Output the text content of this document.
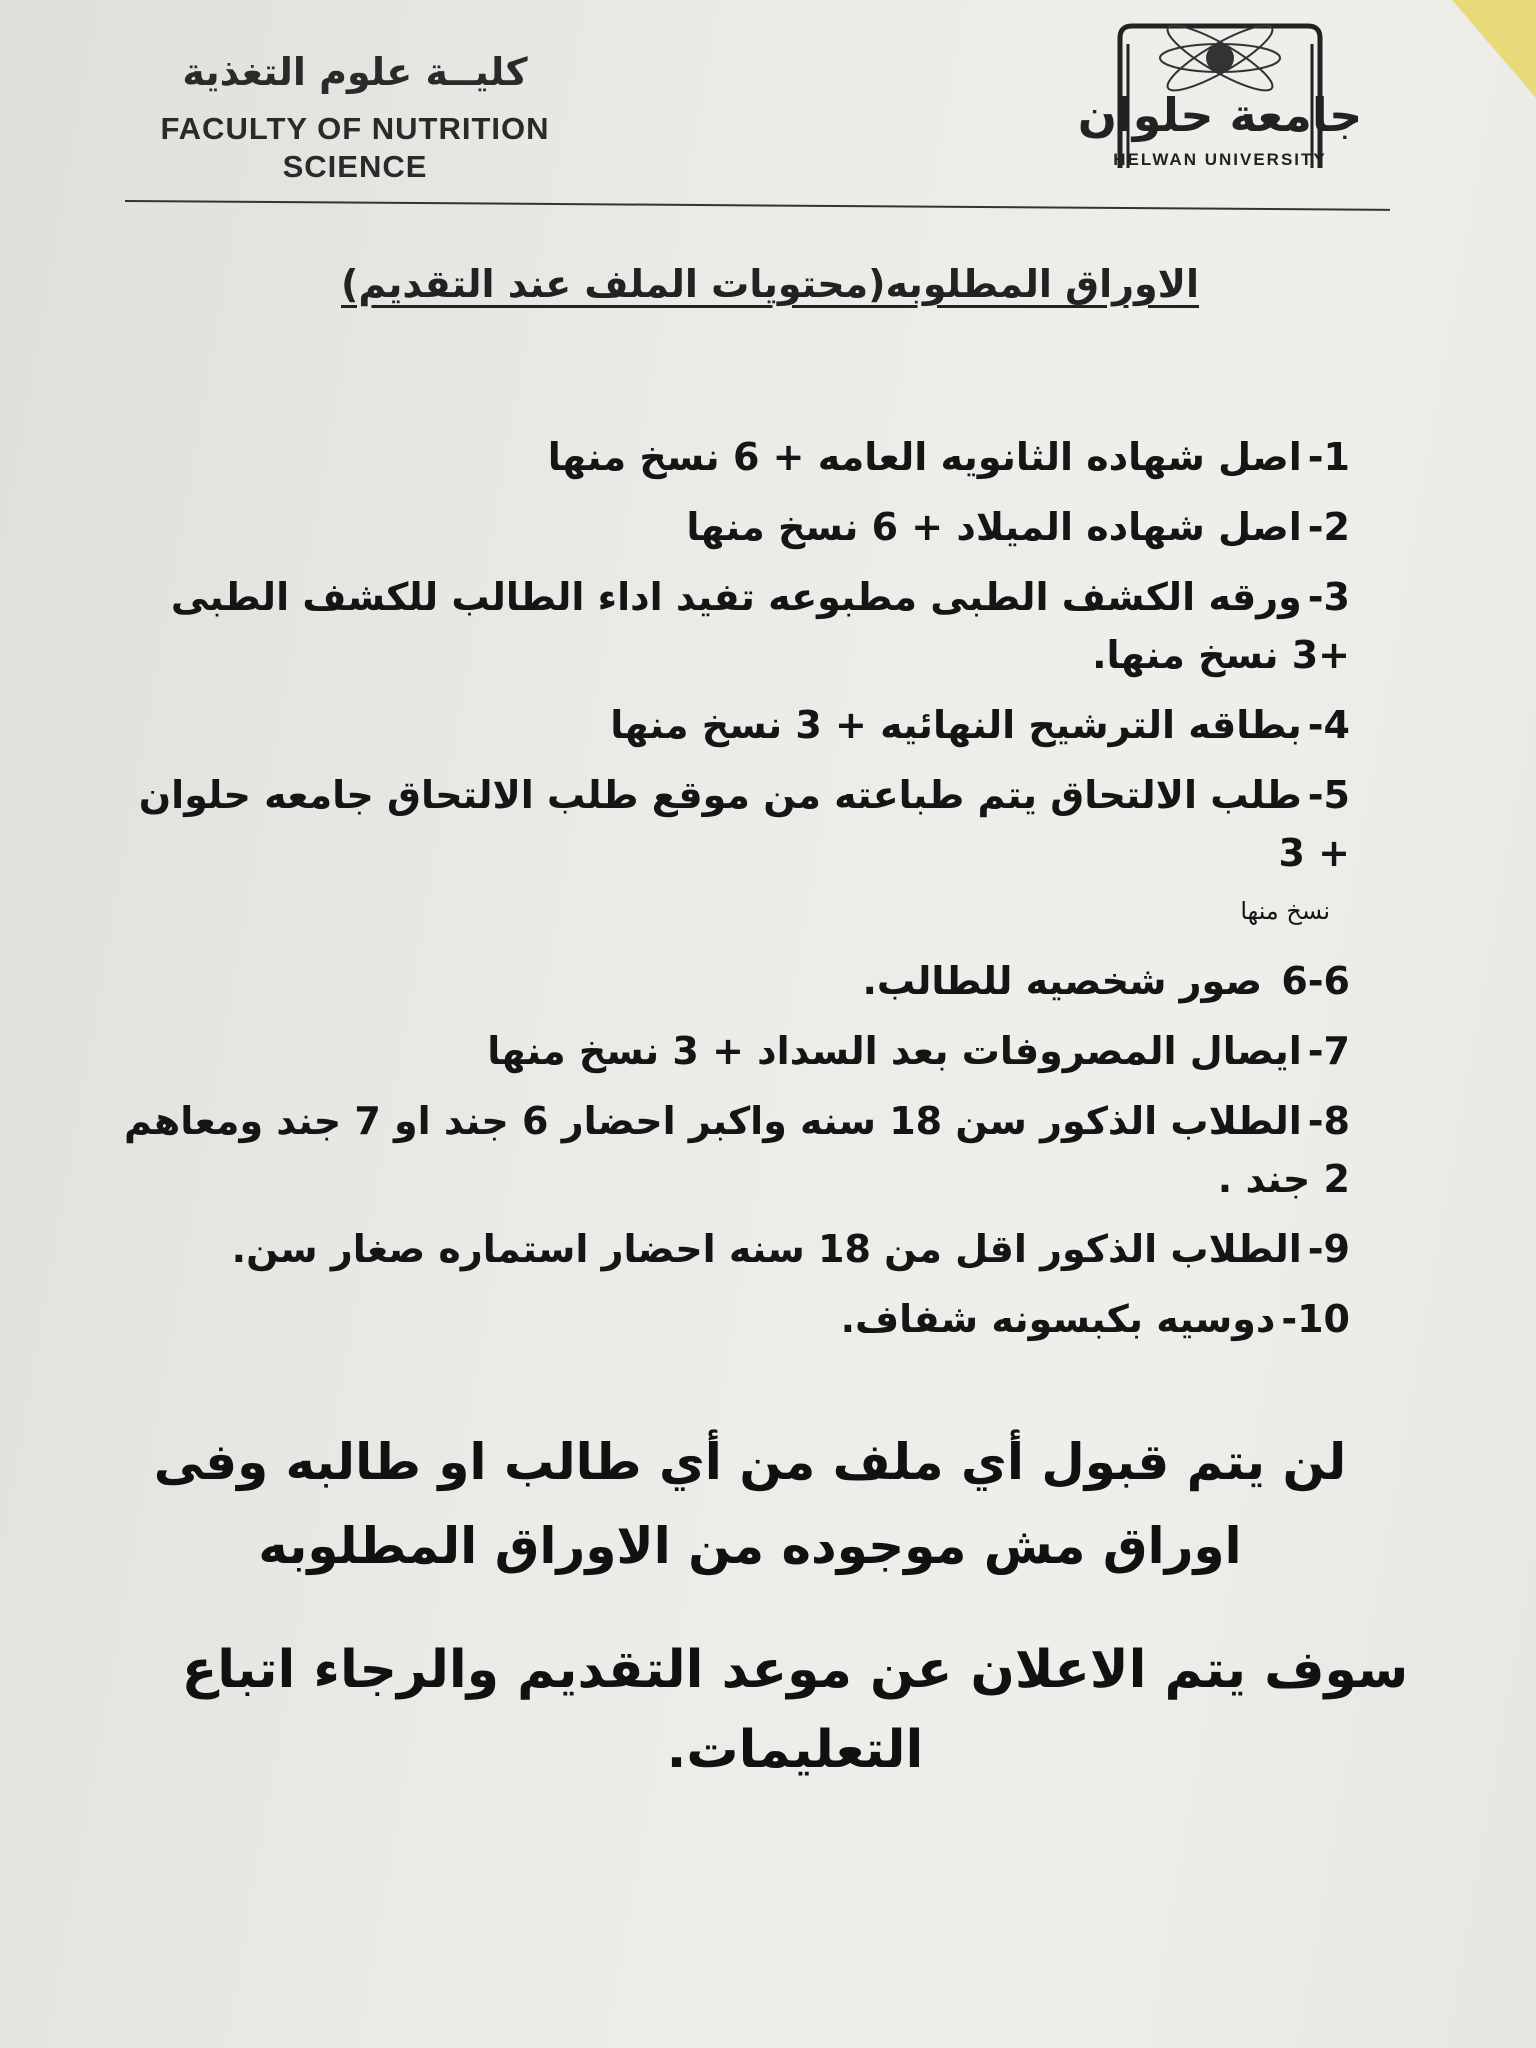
كليــة علوم التغذية
FACULTY OF NUTRITION
SCIENCE
جامعة حلوان
HELWAN UNIVERSITY
الاوراق المطلوبه(محتويات الملف عند التقديم)
1-اصل شهاده الثانويه العامه + 6 نسخ منها
2-اصل شهاده الميلاد + 6 نسخ منها
3-ورقه الكشف الطبى مطبوعه تفيد اداء الطالب للكشف الطبى +3 نسخ منها.
4-بطاقه الترشيح النهائيه + 3 نسخ منها
5-طلب الالتحاق يتم طباعته من موقع طلب الالتحاق جامعه حلوان + 3
نسخ منها
6-6 صور شخصيه للطالب.
7-ايصال المصروفات بعد السداد + 3 نسخ منها
8-الطلاب الذكور سن 18 سنه واكبر احضار 6 جند او 7 جند ومعاهم 2 جند .
9-الطلاب الذكور اقل من 18 سنه احضار استماره صغار سن.
10-دوسيه بكبسونه شفاف.
لن يتم قبول أي ملف من أي طالب او طالبه وفى اوراق مش موجوده من الاوراق المطلوبه
سوف يتم الاعلان عن موعد التقديم والرجاء اتباع التعليمات.
